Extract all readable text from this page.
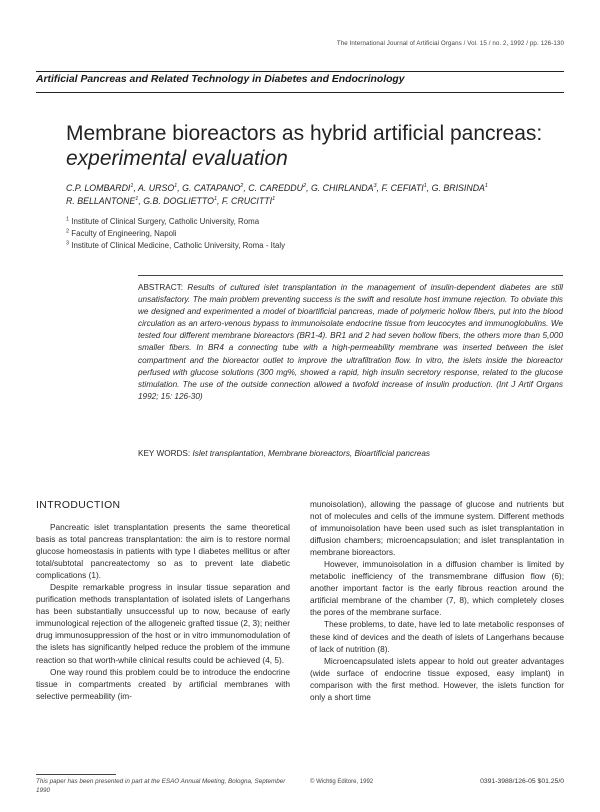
The International Journal of Artificial Organs / Vol. 15 / no. 2, 1992 / pp. 126-130
Artificial Pancreas and Related Technology in Diabetes and Endocrinology
Membrane bioreactors as hybrid artificial pancreas:
experimental evaluation
C.P. LOMBARDI$^1$, A. URSO$^1$, G. CATAPANO$^2$, C. CAREDDU$^2$, G. CHIRLANDA$^3$, F. CEFIATI$^1$, G. BRISINDA$^1$
R. BELLANTONE$^1$, G.B. DOGLIETTO$^1$, F. CRUCITTI$^1$
$^1$ Institute of Clinical Surgery, Catholic University, Roma
$^2$ Faculty of Engineering, Napoli
$^3$ Institute of Clinical Medicine, Catholic University, Roma - Italy
ABSTRACT: Results of cultured islet transplantation in the management of insulin-dependent diabetes are still unsatisfactory. The main problem preventing success is the swift and resolute host immune rejection. To obviate this we designed and experimented a model of bioartificial pancreas, made of polymeric hollow fibers, put into the blood circulation as an artero-venous bypass to immunoisolate endocrine tissue from leucocytes and immunoglobulins. We tested four different membrane bioreactors (BR1-4). BR1 and 2 had seven hollow fibers, the others more than 5,000 smaller fibers. In BR4 a connecting tube with a high-permeability membrane was inserted between the islet compartment and the bioreactor outlet to improve the ultrafiltration flow. In vitro, the islets inside the bioreactor perfused with glucose solutions (300 mg%, showed a rapid, high insulin secretory response, related to the glucose stimulation. The use of the outside connection allowed a twofold increase of insulin production. (Int J Artif Organs 1992; 15: 126-30)
KEY WORDS: Islet transplantation, Membrane bioreactors, Bioartificial pancreas
INTRODUCTION

Pancreatic islet transplantation presents the same theoretical basis as total pancreas transplantation: the aim is to restore normal glucose homeostasis in patients with type I diabetes mellitus or after total/subtotal pancreatectomy so as to prevent late diabetic complications (1).

Despite remarkable progress in insular tissue separation and purification methods transplantation of isolated islets of Langerhans has been substantially unsuccessful up to now, because of early immunological rejection of the allogeneic grafted tissue (2, 3); neither drug immunosuppression of the host or in vitro immunomodulation of the islets has significantly helped reduce the problem of the immune reaction so that worth-while clinical results could be achieved (4, 5).

One way round this problem could be to introduce the endocrine tissue in compartments created by artificial membranes with selective permeability (im-

munoisolation), allowing the passage of glucose and nutrients but not of molecules and cells of the immune system. Different methods of immunoisolation have been used such as islet transplantation in diffusion chambers; microencapsulation; and islet transplantation in membrane bioreactors.

However, immunoisolation in a diffusion chamber is limited by metabolic inefficiency of the transmembrane diffusion flow (6); another important factor is the early fibrous reaction around the artificial membrane of the chamber (7, 8), which completely closes the pores of the membrane surface.

These problems, to date, have led to late metabolic responses of these kind of devices and the death of islets of Langerhans because of lack of nutrition (8).

Microencapsulated islets appear to hold out greater advantages (wide surface of endocrine tissue exposed, easy implant) in comparison with the first method. However, the islets function for only a short time

This paper has been presented in part at the ESAO Annual Meeting, Bologna, September 1990
© Wichtig Editore, 1992	0391-3988/126-05 $01.25/0
